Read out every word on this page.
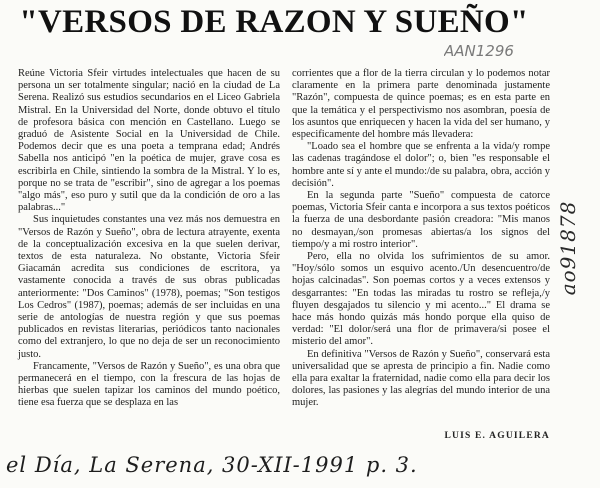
"VERSOS DE RAZON Y SUEÑO"
AAN1296

Reúne Victoria Sfeir virtudes intelectuales que hacen de su persona un ser totalmente singular; nació en la ciudad de La Serena. Realizó sus estudios secundarios en el Liceo Gabriela Mistral. En la Universidad del Norte, donde obtuvo el título de profesora básica con mención en Castellano. Luego se graduó de Asistente Social en la Universidad de Chile. Podemos decir que es una poeta a temprana edad; Andrés Sabella nos anticipó "en la poética de mujer, grave cosa es escribirla en Chile, sintiendo la sombra de la Mistral. Y lo es, porque no se trata de "escribir", sino de agregar a los poemas "algo más", eso puro y sutil que da la condición de oro a las palabras..."

Sus inquietudes constantes una vez más nos demuestra en "Versos de Razón y Sueño", obra de lectura atrayente, exenta de la conceptualización excesiva en la que suelen derivar, textos de esta naturaleza. No obstante, Victoria Sfeir Giacamán acredita sus condiciones de escritora, ya vastamente conocida a través de sus obras publicadas anteriormente: "Dos Caminos" (1978), poemas; "Son testigos Los Cedros" (1987), poemas; además de ser incluidas en una serie de antologías de nuestra región y que sus poemas publicados en revistas literarias, periódicos tanto nacionales como del extranjero, lo que no deja de ser un reconocimiento justo.

Francamente, "Versos de Razón y Sueño", es una obra que permanecerá en el tiempo, con la frescura de las hojas de hierbas que suelen tapizar los caminos del mundo poético, tiene esa fuerza que se desplaza en las

corrientes que a flor de la tierra circulan y lo podemos notar claramente en la primera parte denominada justamente "Razón", compuesta de quince poemas; es en esta parte en que la temática y el perspectivismo nos asombran, poesía de los asuntos que enriquecen y hacen la vida del ser humano, y especificamente del hombre más llevadera:

"Loado sea el hombre que se enfrenta a la vida/y rompe las cadenas tragándose el dolor"; o, bien "es responsable el hombre ante sí y ante el mundo:/de su palabra, obra, acción y decisión".

En la segunda parte "Sueño" compuesta de catorce poemas, Victoria Sfeir canta e incorpora a sus textos poéticos la fuerza de una desbordante pasión creadora: "Mis manos no desmayan,/son promesas abiertas/a los signos del tiempo/y a mi rostro interior".

Pero, ella no olvida los sufrimientos de su amor. "Hoy/sólo somos un esquivo acento./Un desencuentro/de hojas calcinadas". Son poemas cortos y a veces extensos y desgarrantes: "En todas las miradas tu rostro se refleja,/y fluyen desgajados tu silencio y mi acento..." El drama se hace más hondo quizás más hondo porque ella quiso de verdad: "El dolor/será una flor de primavera/si posee el misterio del amor".

En definitiva "Versos de Razón y Sueño", conservará esta universalidad que se apresta de principio a fin. Nadie como ella para exaltar la fraternidad, nadie como ella para decir los dolores, las pasiones y las alegrías del mundo interior de una mujer.

LUIS E. AGUILERA
ao91878
el Día, La Serena, 30-XII-1991 p. 3.
